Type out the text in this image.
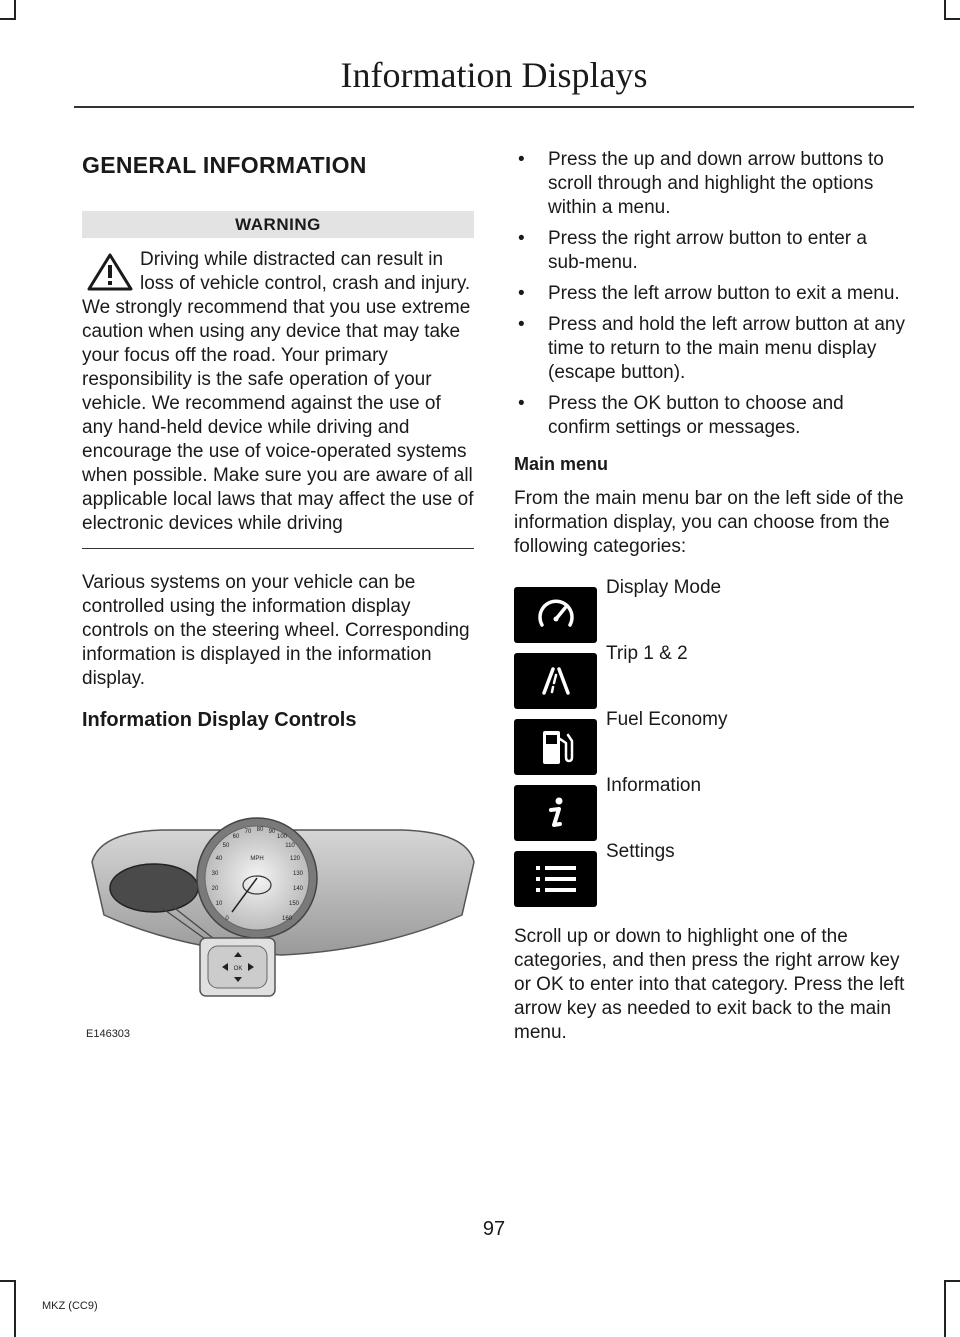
Information Displays
GENERAL INFORMATION
WARNING
Driving while distracted can result in loss of vehicle control, crash and injury. We strongly recommend that you use extreme caution when using any device that may take your focus off the road. Your primary responsibility is the safe operation of your vehicle. We recommend against the use of any hand-held device while driving and encourage the use of voice-operated systems when possible. Make sure you are aware of all applicable local laws that may affect the use of electronic devices while driving

Various systems on your vehicle can be controlled using the information display controls on the steering wheel. Corresponding information is displayed in the information display.

Information Display Controls
0
10
20
30
40
50
60
70 80 90
100
110
120
130
140
150
160
MPH
OK
E146303
• Press the up and down arrow buttons to scroll through and highlight the options within a menu.
• Press the right arrow button to enter a sub-menu.
• Press the left arrow button to exit a menu.
• Press and hold the left arrow button at any time to return to the main menu display (escape button).
• Press the OK button to choose and confirm settings or messages.
Main menu

From the main menu bar on the left side of the information display, you can choose from the following categories:

Display Mode
Trip 1 & 2
Fuel Economy
Information
Settings

Scroll up or down to highlight one of the categories, and then press the right arrow key or OK to enter into that category. Press the left arrow key as needed to exit back to the main menu.

97
MKZ (CC9)
